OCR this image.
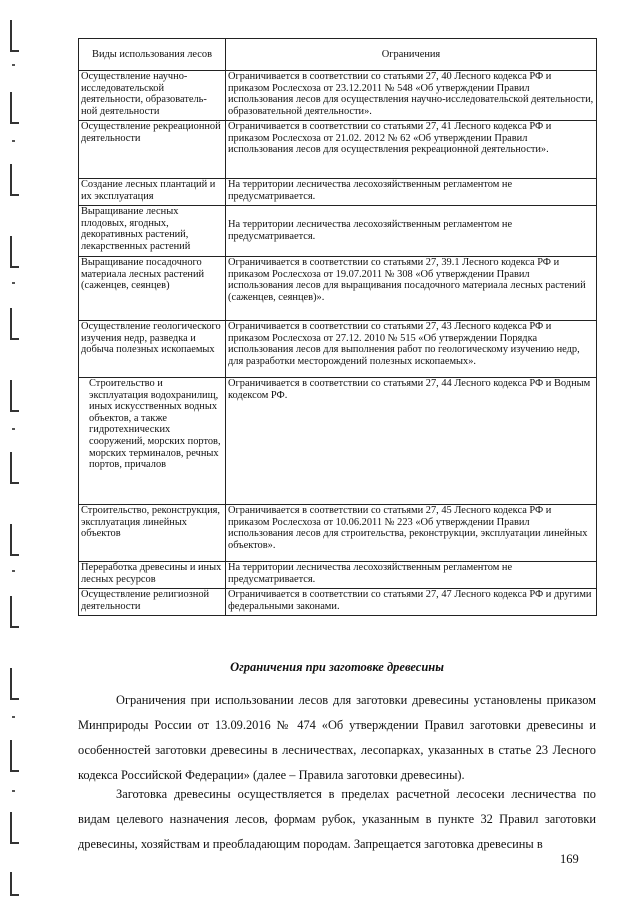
Виды использования лесов	Ограничения
Осуществление научно-исследовательской деятельности, образователь-ной деятельности	Ограничивается в соответствии со статьями 27, 40 Лесного кодекса РФ и приказом Рослесхоза от 23.12.2011 № 548 «Об утверждении Правил использования лесов для осуществления научно-исследовательской деятельности, образовательной деятельности».
Осуществление рекреационной деятельности	Ограничивается в соответствии со статьями 27, 41 Лесного кодекса РФ и приказом Рослесхоза от 21.02. 2012 № 62 «Об утверждении Правил использования лесов для осуществления рекреационной деятельности».
Создание лесных плантаций и их эксплуатация	На территории лесничества лесохозяйственным регламентом не предусматривается.
Выращивание лесных плодовых, ягодных, декоративных растений, лекарственных растений	На территории лесничества лесохозяйственным регламентом не предусматривается.
Выращивание посадочного материала лесных растений (саженцев, сеянцев)	Ограничивается в соответствии со статьями 27, 39.1 Лесного кодекса РФ и приказом Рослесхоза от 19.07.2011 № 308 «Об утверждении Правил использования лесов для выращивания посадочного материала лесных растений (саженцев, сеянцев)».
Осуществление геологического изучения недр, разведка и добыча полезных ископаемых	Ограничивается в соответствии со статьями 27, 43 Лесного кодекса РФ и приказом Рослесхоза от 27.12. 2010 № 515 «Об утверждении Порядка использования лесов для выполнения работ по геологическому изучению недр, для разработки месторождений полезных ископаемых».
Строительство и эксплуатация водохранилищ, иных искусственных водных объектов, а также гидротехнических сооружений, морских портов, морских терминалов, речных портов, причалов	Ограничивается в соответствии со статьями 27, 44 Лесного кодекса РФ и Водным кодексом РФ.
Строительство, реконструкция, эксплуатация линейных объектов	Ограничивается в соответствии со статьями 27, 45 Лесного кодекса РФ и приказом Рослесхоза от 10.06.2011 № 223 «Об утверждении Правил использования лесов для строительства, реконструкции, эксплуатации линейных объектов».
Переработка древесины и иных лесных ресурсов	На территории лесничества лесохозяйственным регламентом не предусматривается.
Осуществление религиозной деятельности	Ограничивается в соответствии со статьями 27, 47 Лесного кодекса РФ и другими федеральными законами.
Ограничения при заготовке древесины
Ограничения при использовании лесов для заготовки древесины установлены приказом Минприроды России от 13.09.2016 № 474 «Об утверждении Правил заготовки древесины и особенностей заготовки древесины в лесничествах, лесопарках, указанных в статье 23 Лесного кодекса Российской Федерации» (далее – Правила заготовки древесины).
Заготовка древесины осуществляется в пределах расчетной лесосеки лесничества по видам целевого назначения лесов, формам рубок, указанным в пункте 32 Правил заготовки древесины, хозяйствам и преобладающим породам. Запрещается заготовка древесины в
169
